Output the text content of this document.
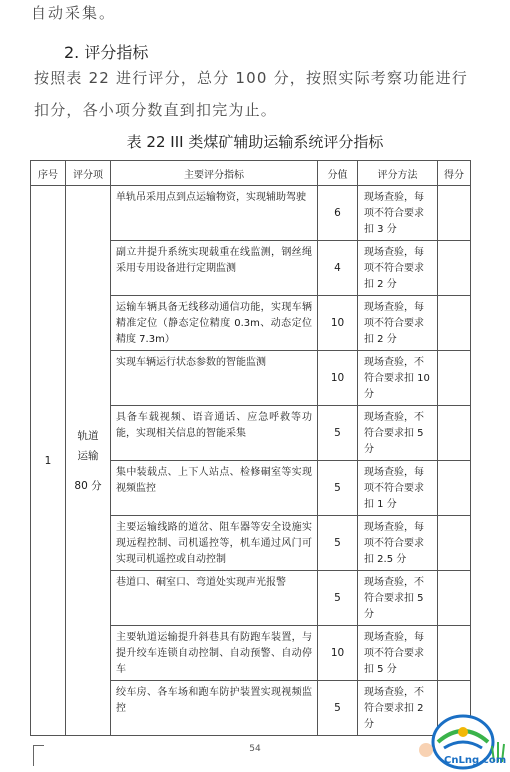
自动采集。
2. 评分指标
按照表 22 进行评分，总分 100 分，按照实际考察功能进行
扣分，各小项分数直到扣完为止。
表 22 III 类煤矿辅助运输系统评分指标
序号	评分项	主要评分指标	分值	评分方法	得分
1	轨道
运输
80 分	单轨吊采用点到点运输物资，实现辅助驾驶	6	现场查验，每项不符合要求扣 3 分	
		副立井提升系统实现载重在线监测，钢丝绳采用专用设备进行定期监测	4	现场查验，每项不符合要求扣 2 分	
		运输车辆具备无线移动通信功能，实现车辆精准定位（静态定位精度 0.3m、动态定位精度 7.3m）	10	现场查验，每项不符合要求扣 2 分	
		实现车辆运行状态参数的智能监测	10	现场查验，不符合要求扣 10 分	
		具备车载视频、语音通话、应急呼救等功能，实现相关信息的智能采集	5	现场查验，不符合要求扣 5 分	
		集中装载点、上下人站点、检修硐室等实现视频监控	5	现场查验，每项不符合要求扣 1 分	
		主要运输线路的道岔、阻车器等安全设施实现远程控制、司机遥控等，机车通过风门可实现司机遥控或自动控制	5	现场查验，每项不符合要求扣 2.5 分	
		巷道口、硐室口、弯道处实现声光报警	5	现场查验，不符合要求扣 5 分	
		主要轨道运输提升斜巷具有防跑车装置，与提升绞车连锁自动控制、自动预警、自动停车	10	现场查验，每项不符合要求扣 5 分	
		绞车房、各车场和跑车防护装置实现视频监控	5	现场查验，不符合要求扣 2 分	
54
CnLng.com
